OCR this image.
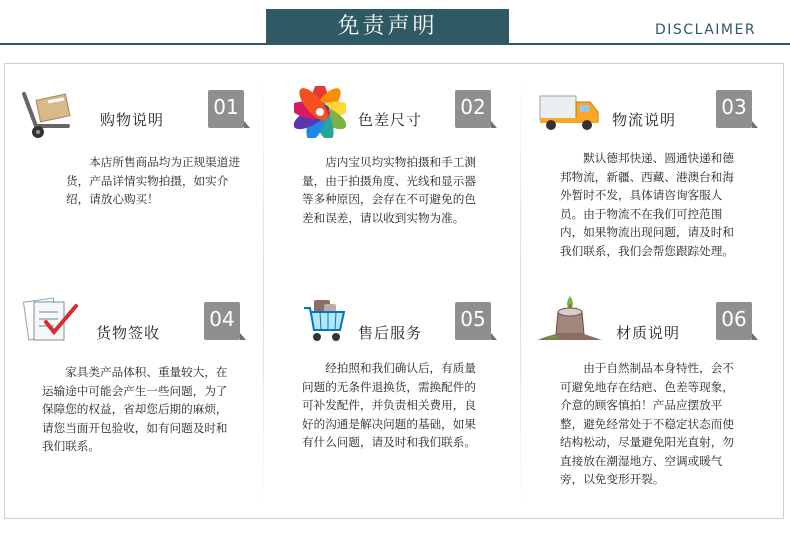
免责声明	DISCLAIMER
购物说明
01
本店所售商品均为正规渠道进货，产品详情实物拍摄，如实介绍，请放心购买！
色差尺寸
02
店内宝贝均实物拍摄和手工测量，由于拍摄角度、光线和显示器等多种原因，会存在不可避免的色差和误差，请以收到实物为准。
物流说明
03
默认德邦快递、圆通快递和德邦物流，新疆、西藏、港澳台和海外暂时不发，具体请咨询客服人员。由于物流不在我们可控范围内，如果物流出现问题，请及时和我们联系，我们会帮您跟踪处理。
货物签收
04
家具类产品体积、重量较大，在运输途中可能会产生一些问题，为了保障您的权益，省却您后期的麻烦，请您当面开包验收，如有问题及时和我们联系。
售后服务
05
经拍照和我们确认后，有质量问题的无条件退换货，需换配件的可补发配件，并负责相关费用，良好的沟通是解决问题的基础，如果有什么问题，请及时和我们联系。
材质说明
06
由于自然制品本身特性，会不可避免地存在结疤、色差等现象，介意的顾客慎拍！产品应摆放平整，避免经常处于不稳定状态而使结构松动，尽量避免阳光直射，勿直接放在潮湿地方、空调或暖气旁，以免变形开裂。
